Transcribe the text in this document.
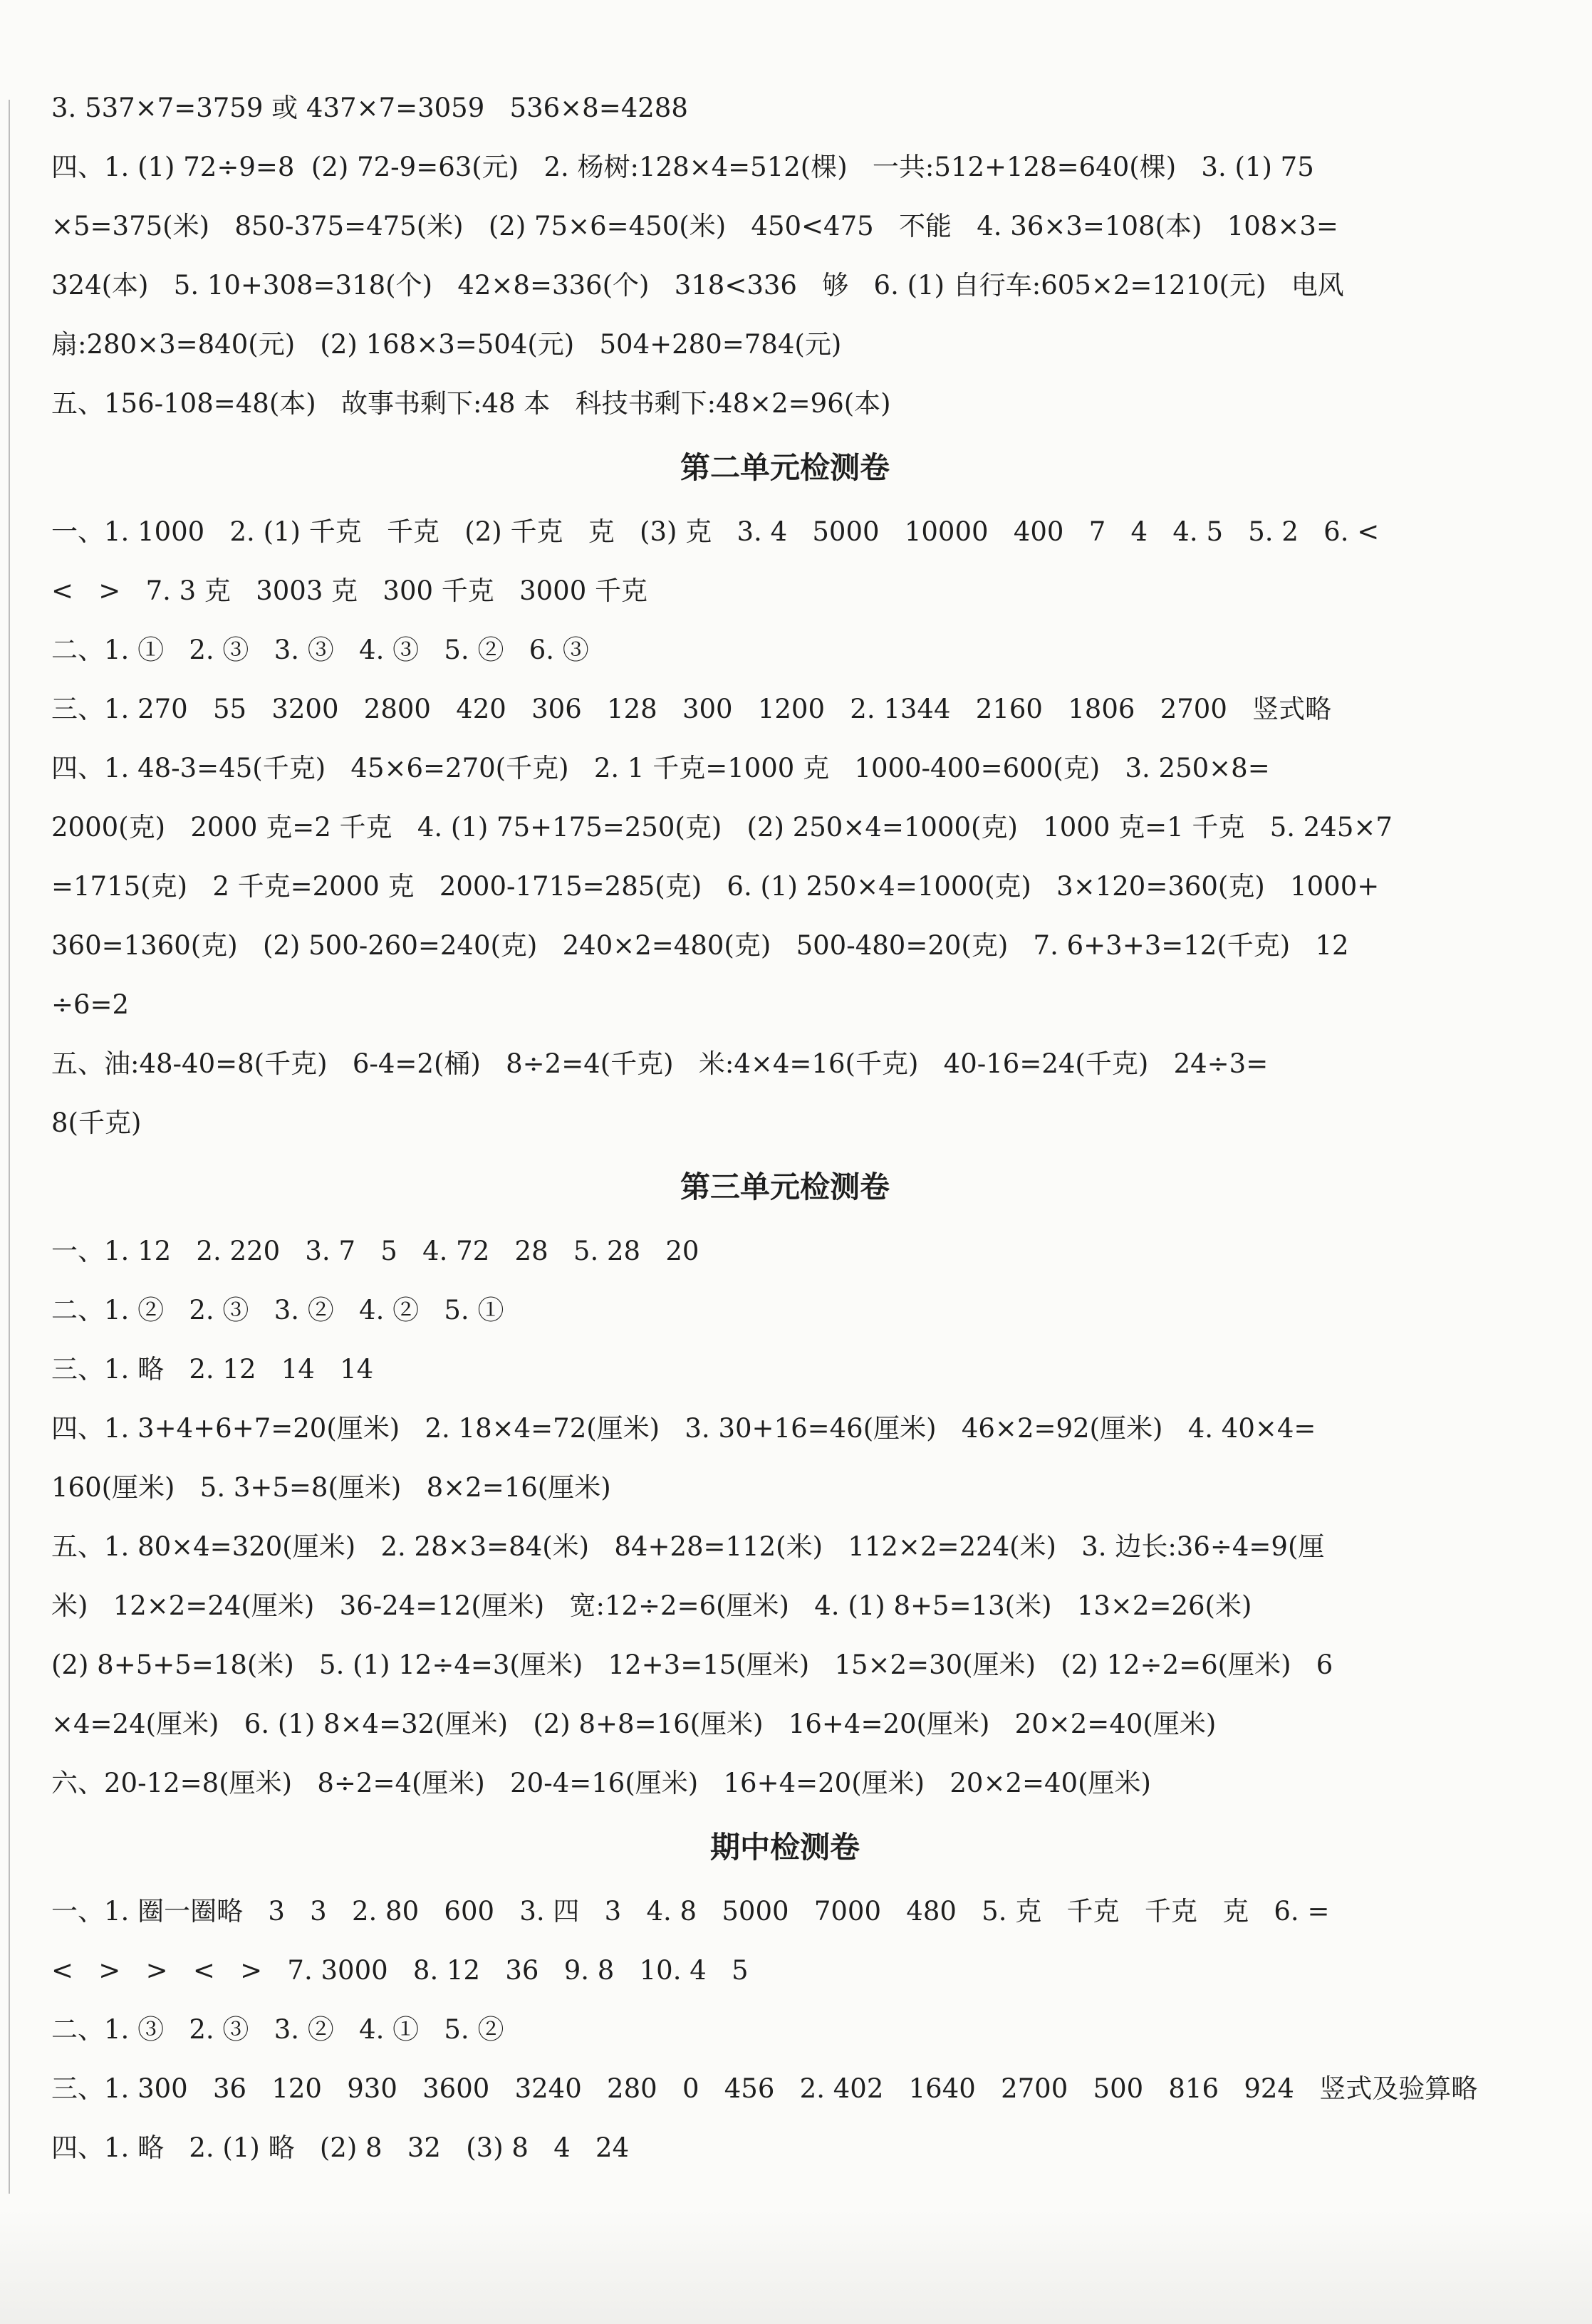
3. 537×7=3759 或 437×7=3059   536×8=4288
四、1. (1) 72÷9=8  (2) 72-9=63(元)   2. 杨树:128×4=512(棵)   一共:512+128=640(棵)   3. (1) 75
×5=375(米)   850-375=475(米)   (2) 75×6=450(米)   450<475   不能   4. 36×3=108(本)   108×3=
324(本)   5. 10+308=318(个)   42×8=336(个)   318<336   够   6. (1) 自行车:605×2=1210(元)   电风
扇:280×3=840(元)   (2) 168×3=504(元)   504+280=784(元)
五、156-108=48(本)   故事书剩下:48 本   科技书剩下:48×2=96(本)
第二单元检测卷
一、1. 1000   2. (1) 千克   千克   (2) 千克   克   (3) 克   3. 4   5000   10000   400   7   4   4. 5   5. 2   6. <
<   >   7. 3 克   3003 克   300 千克   3000 千克
二、1. ①   2. ③   3. ③   4. ③   5. ②   6. ③
三、1. 270   55   3200   2800   420   306   128   300   1200   2. 1344   2160   1806   2700   竖式略
四、1. 48-3=45(千克)   45×6=270(千克)   2. 1 千克=1000 克   1000-400=600(克)   3. 250×8=
2000(克)   2000 克=2 千克   4. (1) 75+175=250(克)   (2) 250×4=1000(克)   1000 克=1 千克   5. 245×7
=1715(克)   2 千克=2000 克   2000-1715=285(克)   6. (1) 250×4=1000(克)   3×120=360(克)   1000+
360=1360(克)   (2) 500-260=240(克)   240×2=480(克)   500-480=20(克)   7. 6+3+3=12(千克)   12
÷6=2
五、油:48-40=8(千克)   6-4=2(桶)   8÷2=4(千克)   米:4×4=16(千克)   40-16=24(千克)   24÷3=
8(千克)
第三单元检测卷
一、1. 12   2. 220   3. 7   5   4. 72   28   5. 28   20
二、1. ②   2. ③   3. ②   4. ②   5. ①
三、1. 略   2. 12   14   14
四、1. 3+4+6+7=20(厘米)   2. 18×4=72(厘米)   3. 30+16=46(厘米)   46×2=92(厘米)   4. 40×4=
160(厘米)   5. 3+5=8(厘米)   8×2=16(厘米)
五、1. 80×4=320(厘米)   2. 28×3=84(米)   84+28=112(米)   112×2=224(米)   3. 边长:36÷4=9(厘
米)   12×2=24(厘米)   36-24=12(厘米)   宽:12÷2=6(厘米)   4. (1) 8+5=13(米)   13×2=26(米)
(2) 8+5+5=18(米)   5. (1) 12÷4=3(厘米)   12+3=15(厘米)   15×2=30(厘米)   (2) 12÷2=6(厘米)   6
×4=24(厘米)   6. (1) 8×4=32(厘米)   (2) 8+8=16(厘米)   16+4=20(厘米)   20×2=40(厘米)
六、20-12=8(厘米)   8÷2=4(厘米)   20-4=16(厘米)   16+4=20(厘米)   20×2=40(厘米)
期中检测卷
一、1. 圈一圈略   3   3   2. 80   600   3. 四   3   4. 8   5000   7000   480   5. 克   千克   千克   克   6. =
<   >   >   <   >   7. 3000   8. 12   36   9. 8   10. 4   5
二、1. ③   2. ③   3. ②   4. ①   5. ②
三、1. 300   36   120   930   3600   3240   280   0   456   2. 402   1640   2700   500   816   924   竖式及验算略
四、1. 略   2. (1) 略   (2) 8   32   (3) 8   4   24
